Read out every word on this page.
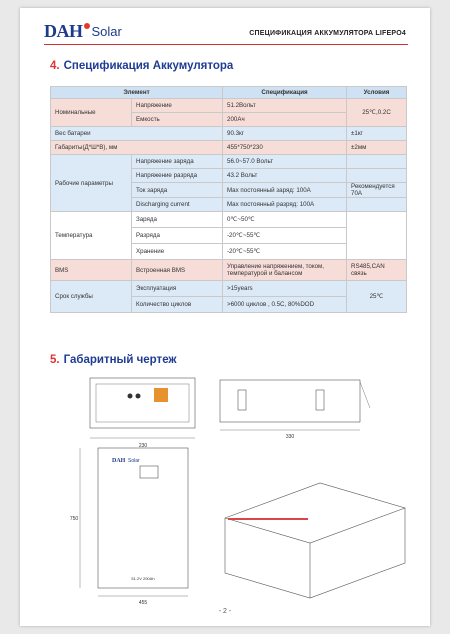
DAH Solar	СПЕЦИФИКАЦИЯ АККУМУЛЯТОРА LIFEPO4
4. Спецификация Аккумулятора
Элемент		Спецификация	Условия
Номинальные	Напряжение	51.2Вольт	25℃,0.2C
	Емкость	200Ач	
Вес батареи		90.3кг	±1кг
Габариты(Д*Ш*В), мм		455*750*230	±2мм
Рабочие параметры	Напряжение заряда	56.0~57.0 Вольт	
	Напряжение разряда	43.2 Вольт	
	Ток заряда	Max постоянный заряд: 100A	Рекомендуется 70A
	Discharging current	Max постоянный разряд: 100A	
Температура	Заряда	0℃~50℃	
	Разряда	-20℃~55℃	
	Хранение	-20℃~55℃	
BMS	Встроенная BMS	Управление напряжением, током, температурой и балансом	RS485,CAN связь
Срок службы	Эксплуатация	>15years	25℃
	Количество циклов	>6000 циклов , 0.5C, 80%DOD	
5. Габаритный чертеж
230
330
750
455
DAH Solar
51.2V 200Ah
- 2 -
